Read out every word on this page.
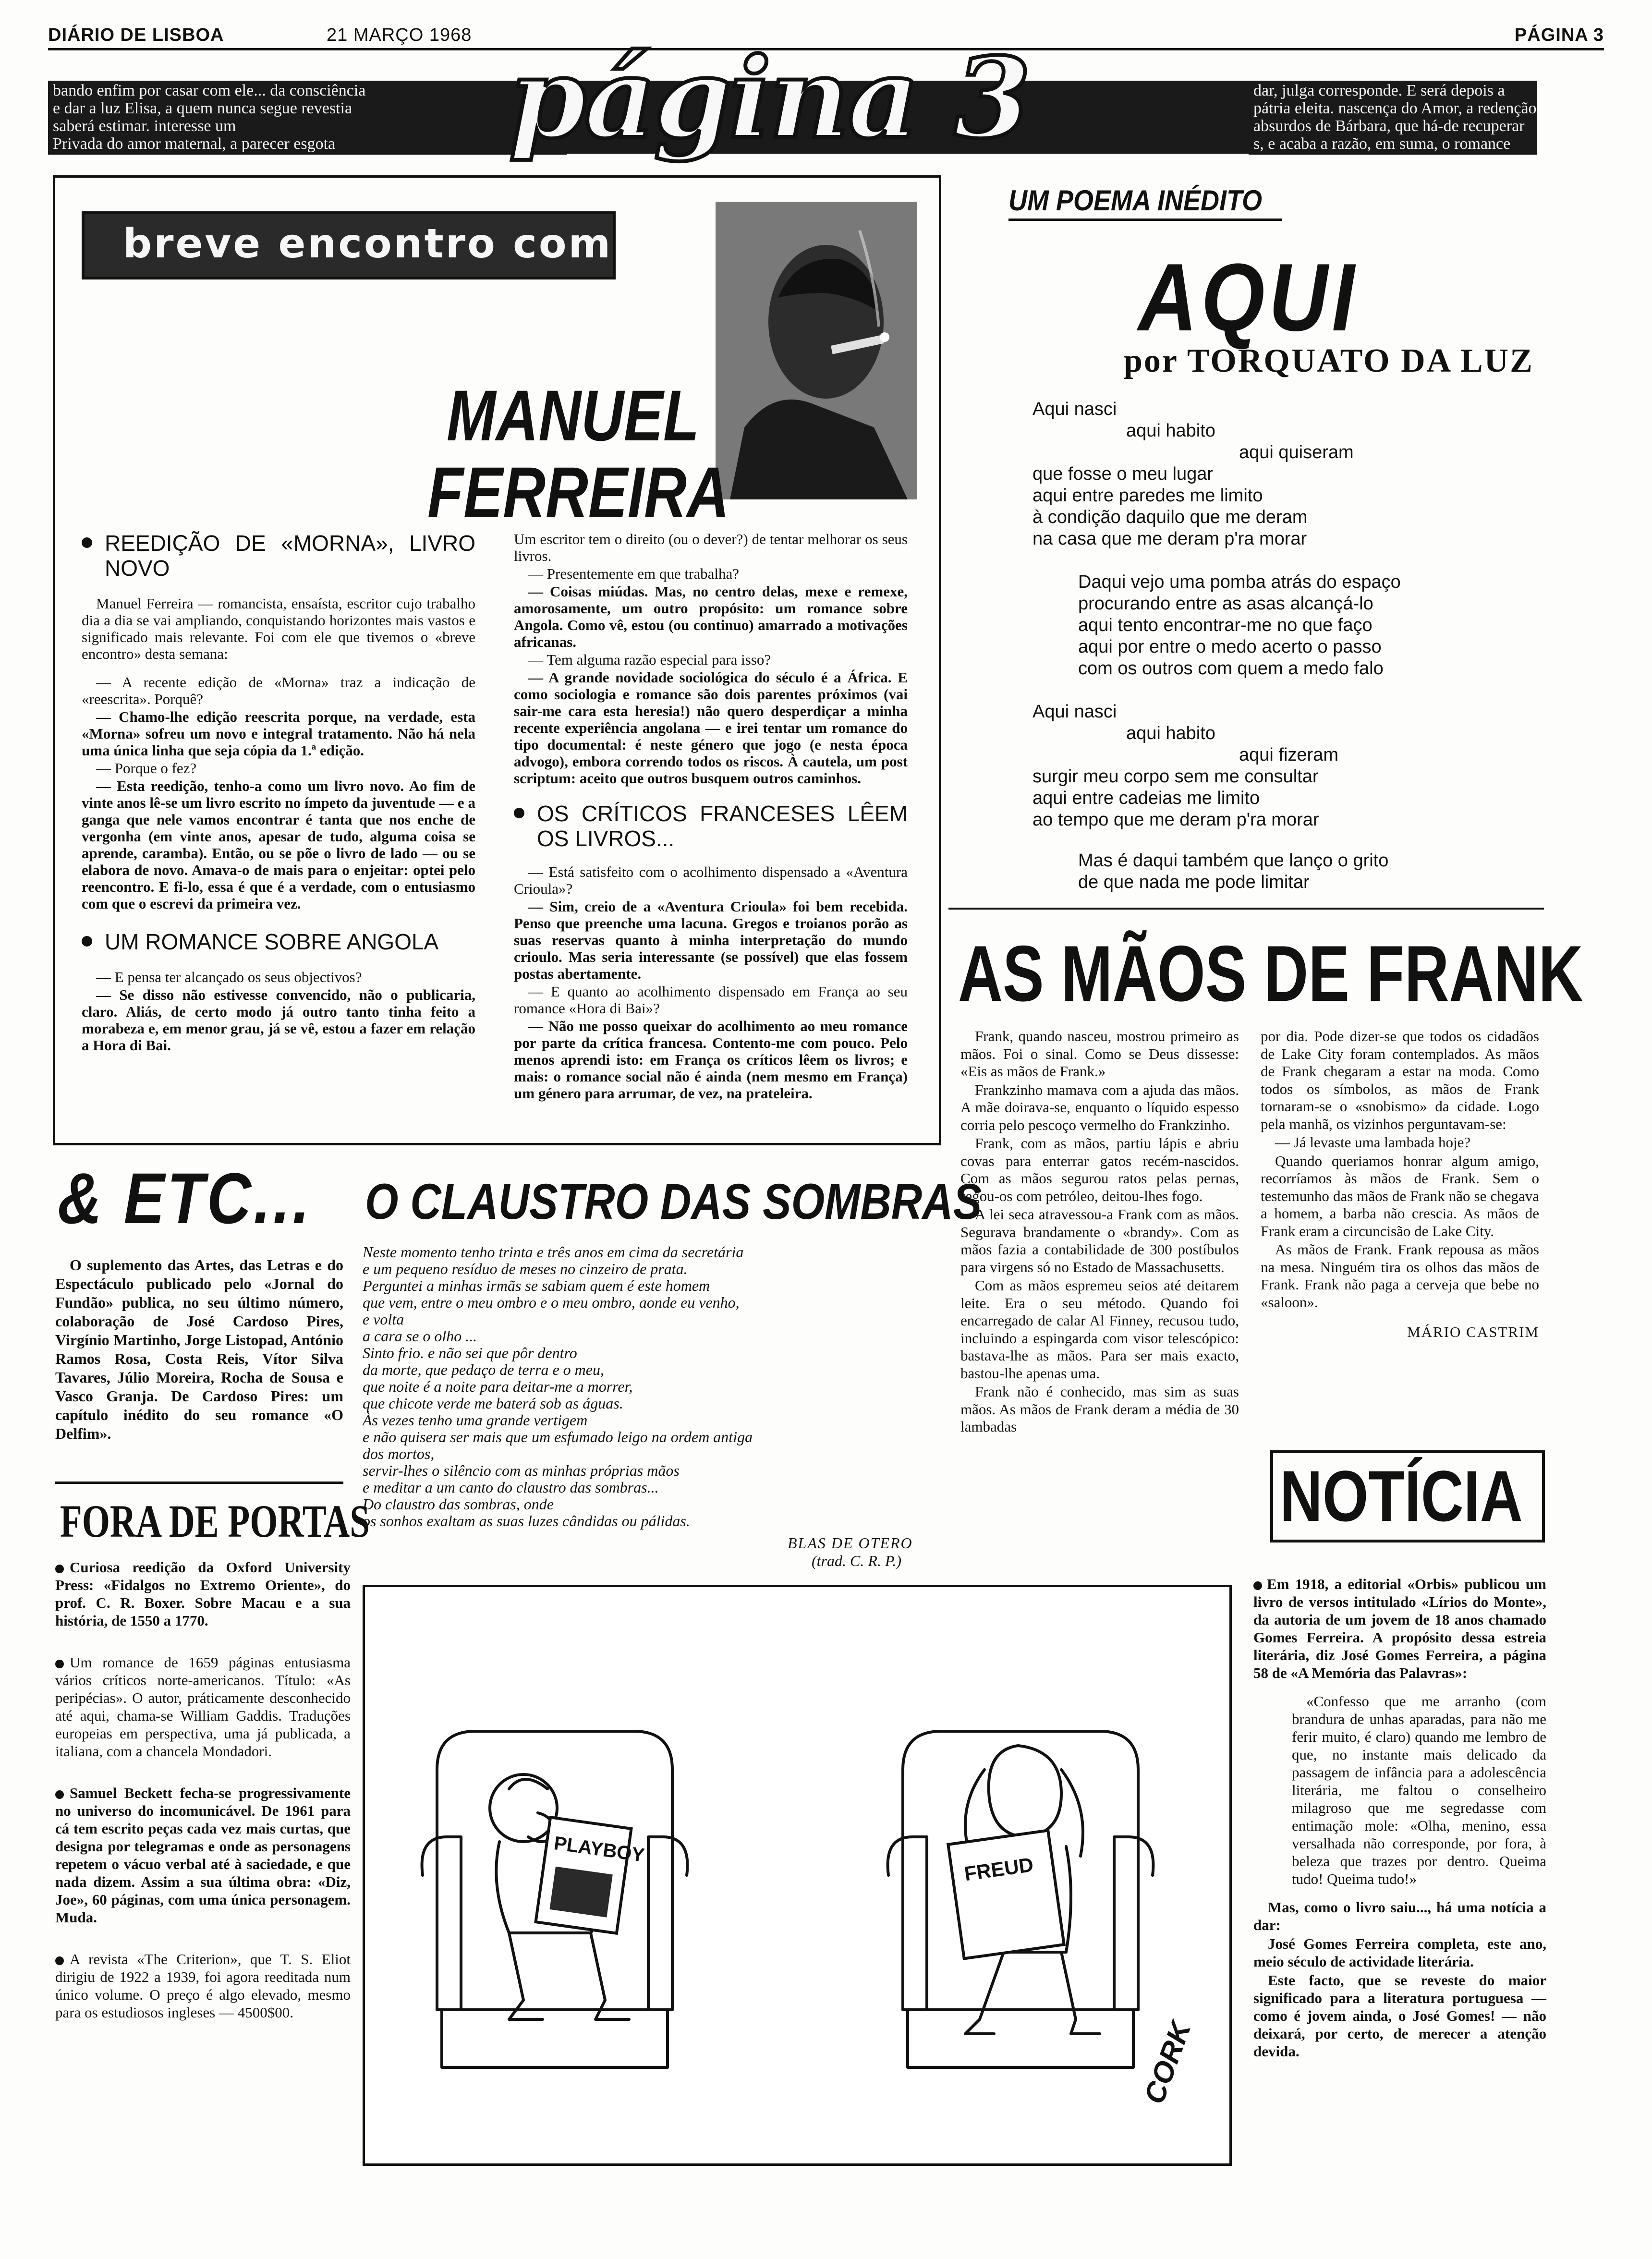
DIÁRIO DE LISBOA	21 MARÇO 1968	PÁGINA 3

bando enfim por casar com ele... da consciência

e dar a luz Elisa, a quem nunca segue revestia

saberá estimar. interesse um

Privada do amor maternal, a parecer esgota

dar, julga corresponde. E será depois a

pátria eleita. nascença do Amor, a redenção

absurdos de Bárbara, que há-de recuperar

s, e acaba a razão, em suma, o romance

página 3
breve encontro com
MANUEL
FERREIRA
REEDIÇÃO DE «MORNA», LIVRO NOVO

Manuel Ferreira — romancista, ensaísta, escritor cujo trabalho dia a dia se vai ampliando, conquistando horizontes mais vastos e significado mais relevante. Foi com ele que tivemos o «breve encontro» desta semana:

— A recente edição de «Morna» traz a indicação de «reescrita». Porquê?

— Chamo-lhe edição reescrita porque, na verdade, esta «Morna» sofreu um novo e integral tratamento. Não há nela uma única linha que seja cópia da 1.ª edição.

— Porque o fez?

— Esta reedição, tenho-a como um livro novo. Ao fim de vinte anos lê-se um livro escrito no ímpeto da juventude — e a ganga que nele vamos encontrar é tanta que nos enche de vergonha (em vinte anos, apesar de tudo, alguma coisa se aprende, caramba). Então, ou se põe o livro de lado — ou se elabora de novo. Amava-o de mais para o enjeitar: optei pelo reencontro. E fi-lo, essa é que é a verdade, com o entusiasmo com que o escrevi da primeira vez.

UM ROMANCE SOBRE ANGOLA

— E pensa ter alcançado os seus objectivos?

— Se disso não estivesse convencido, não o publicaria, claro. Aliás, de certo modo já outro tanto tinha feito a morabeza e, em menor grau, já se vê, estou a fazer em relação a Hora di Bai.

Um escritor tem o direito (ou o dever?) de tentar melhorar os seus livros.

— Presentemente em que trabalha?

— Coisas miúdas. Mas, no centro delas, mexe e remexe, amorosamente, um outro propósito: um romance sobre Angola. Como vê, estou (ou continuo) amarrado a motivações africanas.

— Tem alguma razão especial para isso?

— A grande novidade sociológica do século é a África. E como sociologia e romance são dois parentes próximos (vai sair-me cara esta heresia!) não quero desperdiçar a minha recente experiência angolana — e irei tentar um romance do tipo documental: é neste género que jogo (e nesta época advogo), embora correndo todos os riscos. À cautela, um post scriptum: aceito que outros busquem outros caminhos.

OS CRÍTICOS FRANCESES LÊEM OS LIVROS...

— Está satisfeito com o acolhimento dispensado a «Aventura Crioula»?

— Sim, creio de a «Aventura Crioula» foi bem recebida. Penso que preenche uma lacuna. Gregos e troianos porão as suas reservas quanto à minha interpretação do mundo crioulo. Mas seria interessante (se possível) que elas fossem postas abertamente.

— E quanto ao acolhimento dispensado em França ao seu romance «Hora di Bai»?

— Não me posso queixar do acolhimento ao meu romance por parte da crítica francesa. Contento-me com pouco. Pelo menos aprendi isto: em França os críticos lêem os livros; e mais: o romance social não é ainda (nem mesmo em França) um género para arrumar, de vez, na prateleira.

UM POEMA INÉDITO
AQUI
por TORQUATO DA LUZ

Aqui nasci

aqui habito

aqui quiseram

que fosse o meu lugar

aqui entre paredes me limito

à condição daquilo que me deram

na casa que me deram p'ra morar

Daqui vejo uma pomba atrás do espaço

procurando entre as asas alcançá-lo

aqui tento encontrar-me no que faço

aqui por entre o medo acerto o passo

com os outros com quem a medo falo

Aqui nasci

aqui habito

aqui fizeram

surgir meu corpo sem me consultar

aqui entre cadeias me limito

ao tempo que me deram p'ra morar

Mas é daqui também que lanço o grito

de que nada me pode limitar

AS MÃOS DE FRANK

Frank, quando nasceu, mostrou primeiro as mãos. Foi o sinal. Como se Deus dissesse: «Eis as mãos de Frank.»

Frankzinho mamava com a ajuda das mãos. A mãe doirava-se, enquanto o líquido espesso corria pelo pescoço vermelho do Frankzinho.

Frank, com as mãos, partiu lápis e abriu covas para enterrar gatos recém-nascidos. Com as mãos segurou ratos pelas pernas, regou-os com petróleo, deitou-lhes fogo.

A lei seca atravessou-a Frank com as mãos. Segurava brandamente o «brandy». Com as mãos fazia a contabilidade de 300 postíbulos para virgens só no Estado de Massachusetts.

Com as mãos espremeu seios até deitarem leite. Era o seu método. Quando foi encarregado de calar Al Finney, recusou tudo, incluindo a espingarda com visor telescópico: bastava-lhe as mãos. Para ser mais exacto, bastou-lhe apenas uma.

Frank não é conhecido, mas sim as suas mãos. As mãos de Frank deram a média de 30 lambadas

por dia. Pode dizer-se que todos os cidadãos de Lake City foram contemplados. As mãos de Frank chegaram a estar na moda. Como todos os símbolos, as mãos de Frank tornaram-se o «snobismo» da cidade. Logo pela manhã, os vizinhos perguntavam-se:

— Já levaste uma lambada hoje?

Quando queriamos honrar algum amigo, recorríamos às mãos de Frank. Sem o testemunho das mãos de Frank não se chegava a homem, a barba não crescia. As mãos de Frank eram a circuncisão de Lake City.

As mãos de Frank. Frank repousa as mãos na mesa. Ninguém tira os olhos das mãos de Frank. Frank não paga a cerveja que bebe no «saloon».

MÁRIO CASTRIM

& ETC...
O suplemento das Artes, das Letras e do Espectáculo publicado pelo «Jornal do Fundão» publica, no seu último número, colaboração de José Cardoso Pires, Virgínio Martinho, Jorge Listopad, António Ramos Rosa, Costa Reis, Vítor Silva Tavares, Júlio Moreira, Rocha de Sousa e Vasco Granja. De Cardoso Pires: um capítulo inédito do seu romance «O Delfim».
O CLAUSTRO DAS SOMBRAS
Neste momento tenho trinta e três anos em cima da secretária
e um pequeno resíduo de meses no cinzeiro de prata.
Perguntei a minhas irmãs se sabiam quem é este homem
que vem, entre o meu ombro e o meu ombro, aonde eu venho,
e volta
a cara se o olho ...
Sinto frio. e não sei que pôr dentro
da morte, que pedaço de terra e o meu,
que noite é a noite para deitar-me a morrer,
que chicote verde me baterá sob as águas.
Às vezes tenho uma grande vertigem
e não quisera ser mais que um esfumado leigo na ordem antiga
dos mortos,
servir-lhes o silêncio com as minhas próprias mãos
e meditar a um canto do claustro das sombras...
Do claustro das sombras, onde
os sonhos exaltam as suas luzes cândidas ou pálidas.
BLAS DE OTERO
(trad. C. R. P.)
FORA DE PORTAS

Curiosa reedição da Oxford University Press: «Fidalgos no Extremo Oriente», do prof. C. R. Boxer. Sobre Macau e a sua história, de 1550 a 1770.

Um romance de 1659 páginas entusiasma vários críticos norte-americanos. Título: «As peripécias». O autor, práticamente desconhecido até aqui, chama-se William Gaddis. Traduções europeias em perspectiva, uma já publicada, a italiana, com a chancela Mondadori.

Samuel Beckett fecha-se progressivamente no universo do incomunicável. De 1961 para cá tem escrito peças cada vez mais curtas, que designa por telegramas e onde as personagens repetem o vácuo verbal até à saciedade, e que nada dizem. Assim a sua última obra: «Diz, Joe», 60 páginas, com uma única personagem. Muda.

A revista «The Criterion», que T. S. Eliot dirigiu de 1922 a 1939, foi agora reeditada num único volume. O preço é algo elevado, mesmo para os estudiosos ingleses — 4500$00.

PLAYBOY
FREUD
CORK
NOTÍCIA

Em 1918, a editorial «Orbis» publicou um livro de versos intitulado «Lírios do Monte», da autoria de um jovem de 18 anos chamado Gomes Ferreira. A propósito dessa estreia literária, diz José Gomes Ferreira, a página 58 de «A Memória das Palavras»:

«Confesso que me arranho (com brandura de unhas aparadas, para não me ferir muito, é claro) quando me lembro de que, no instante mais delicado da passagem de infância para a adolescência literária, me faltou o conselheiro milagroso que me segredasse com entimação mole: «Olha, menino, essa versalhada não corresponde, por fora, à beleza que trazes por dentro. Queima tudo! Queima tudo!»

Mas, como o livro saiu..., há uma notícia a dar:

José Gomes Ferreira completa, este ano, meio século de actividade literária.

Este facto, que se reveste do maior significado para a literatura portuguesa — como é jovem ainda, o José Gomes! — não deixará, por certo, de merecer a atenção devida.
